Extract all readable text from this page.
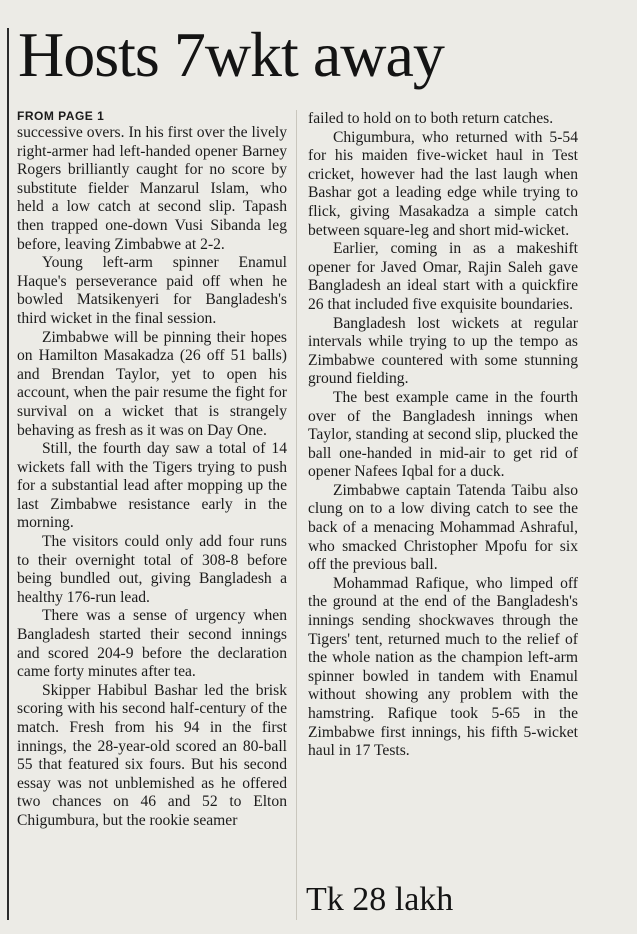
Hosts 7wkt away
FROM PAGE 1

successive overs. In his first over the lively right-armer had left-handed opener Barney Rogers brilliantly caught for no score by substitute fielder Manzarul Islam, who held a low catch at second slip. Tapash then trapped one-down Vusi Sibanda leg before, leaving Zimbabwe at 2-2.

Young left-arm spinner Enamul Haque's perseverance paid off when he bowled Matsikenyeri for Bangladesh's third wicket in the final session.

Zimbabwe will be pinning their hopes on Hamilton Masakadza (26 off 51 balls) and Brendan Taylor, yet to open his account, when the pair resume the fight for survival on a wicket that is strangely behaving as fresh as it was on Day One.

Still, the fourth day saw a total of 14 wickets fall with the Tigers trying to push for a substantial lead after mopping up the last Zimbabwe resistance early in the morning.

The visitors could only add four runs to their overnight total of 308-8 before being bundled out, giving Bangladesh a healthy 176-run lead.

There was a sense of urgency when Bangladesh started their second innings and scored 204-9 before the declaration came forty minutes after tea.

Skipper Habibul Bashar led the brisk scoring with his second half-century of the match. Fresh from his 94 in the first innings, the 28-year-old scored an 80-ball 55 that featured six fours. But his second essay was not unblemished as he offered two chances on 46 and 52 to Elton Chigumbura, but the rookie seamer

failed to hold on to both return catches.

Chigumbura, who returned with 5-54 for his maiden five-wicket haul in Test cricket, however had the last laugh when Bashar got a leading edge while trying to flick, giving Masakadza a simple catch between square-leg and short mid-wicket.

Earlier, coming in as a makeshift opener for Javed Omar, Rajin Saleh gave Bangladesh an ideal start with a quickfire 26 that included five exquisite boundaries.

Bangladesh lost wickets at regular intervals while trying to up the tempo as Zimbabwe countered with some stunning ground fielding.

The best example came in the fourth over of the Bangladesh innings when Taylor, standing at second slip, plucked the ball one-handed in mid-air to get rid of opener Nafees Iqbal for a duck.

Zimbabwe captain Tatenda Taibu also clung on to a low diving catch to see the back of a menacing Mohammad Ashraful, who smacked Christopher Mpofu for six off the previous ball.

Mohammad Rafique, who limped off the ground at the end of the Bangladesh's innings sending shockwaves through the Tigers' tent, returned much to the relief of the whole nation as the champion left-arm spinner bowled in tandem with Enamul without showing any problem with the hamstring. Rafique took 5-65 in the Zimbabwe first innings, his fifth 5-wicket haul in 17 Tests.

Tk 28 lakh
